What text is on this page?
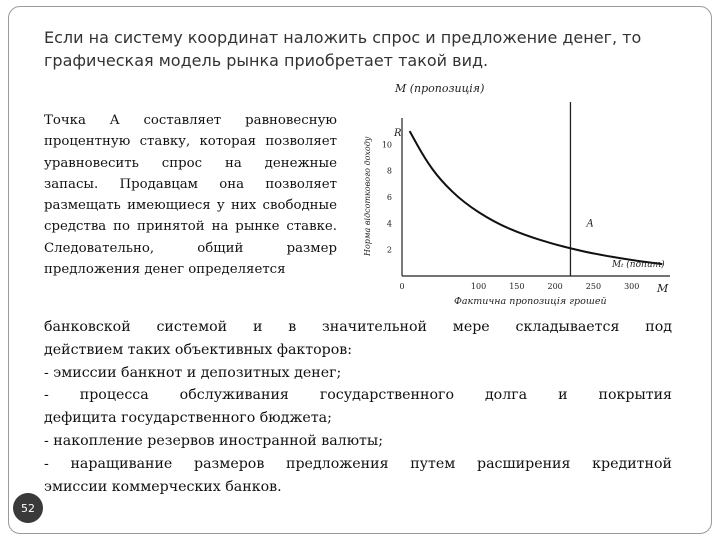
Если на систему координат наложить спрос и предложение денег, то графическая модель рынка приобретает такой вид.
Точка A составляет равновесную процентную ставку, которая позволяет уравновесить спрос на денежные запасы. Продавцам она позволяет размещать имеющиеся у них свободные средства по принятой на рынке ставке. Следовательно, общий размер предложения денег определяется
M (пропозиція)
Норма відсоткового доходу
R
M
2
4
6
8
10
0	100	150	200	250	300
A
Mₜ (попит)
Фактична пропозиція грошей

банковской системой и в значительной мере складывается под

действием таких объективных факторов:

- эмиссии банкнот и депозитных денег;

- процесса обслуживания государственного долга и покрытия

дефицита государственного бюджета;

- накопление резервов иностранной валюты;

- наращивание размеров предложения путем расширения кредитной

эмиссии коммерческих банков.

52
